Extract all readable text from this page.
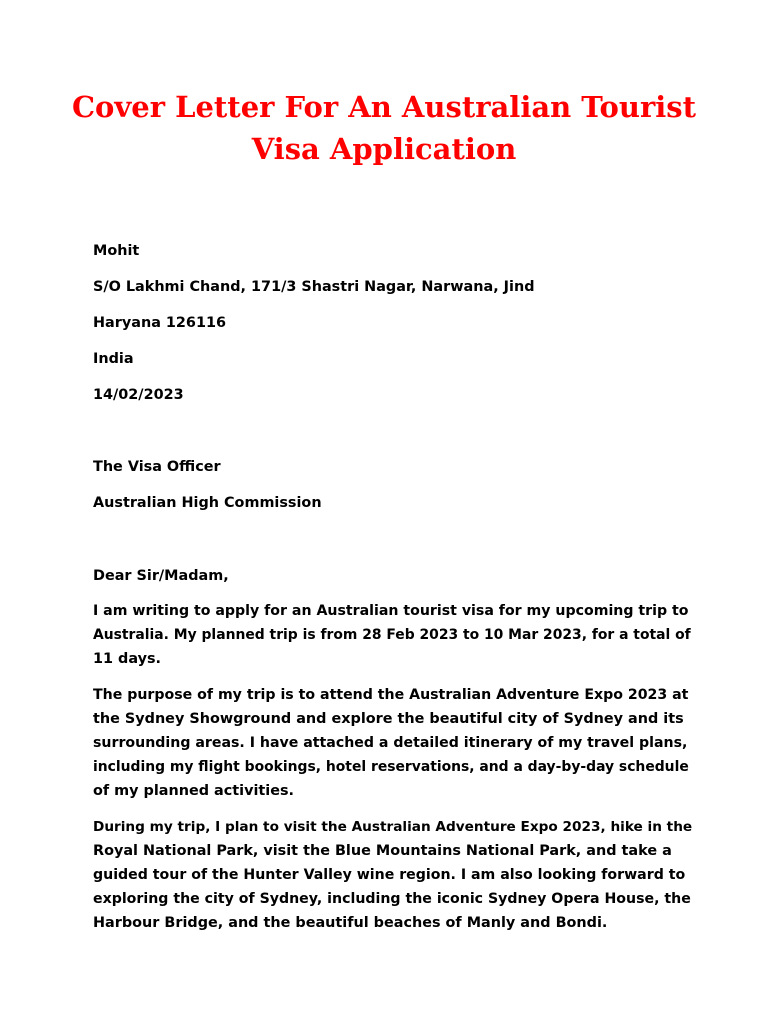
Cover Letter For An Australian Tourist
Visa Application

Mohit

S/O Lakhmi Chand, 171/3 Shastri Nagar, Narwana, Jind

Haryana 126116

India

14/02/2023

The Visa Officer

Australian High Commission

Dear Sir/Madam,

I am writing to apply for an Australian tourist visa for my upcoming trip to
Australia. My planned trip is from 28 Feb 2023 to 10 Mar 2023, for a total of
11 days.
The purpose of my trip is to attend the Australian Adventure Expo 2023 at
the Sydney Showground and explore the beautiful city of Sydney and its
surrounding areas. I have attached a detailed itinerary of my travel plans,
including my flight bookings, hotel reservations, and a day-by-day schedule
of my planned activities.
During my trip, I plan to visit the Australian Adventure Expo 2023, hike in the
Royal National Park, visit the Blue Mountains National Park, and take a
guided tour of the Hunter Valley wine region. I am also looking forward to
exploring the city of Sydney, including the iconic Sydney Opera House, the
Harbour Bridge, and the beautiful beaches of Manly and Bondi.
